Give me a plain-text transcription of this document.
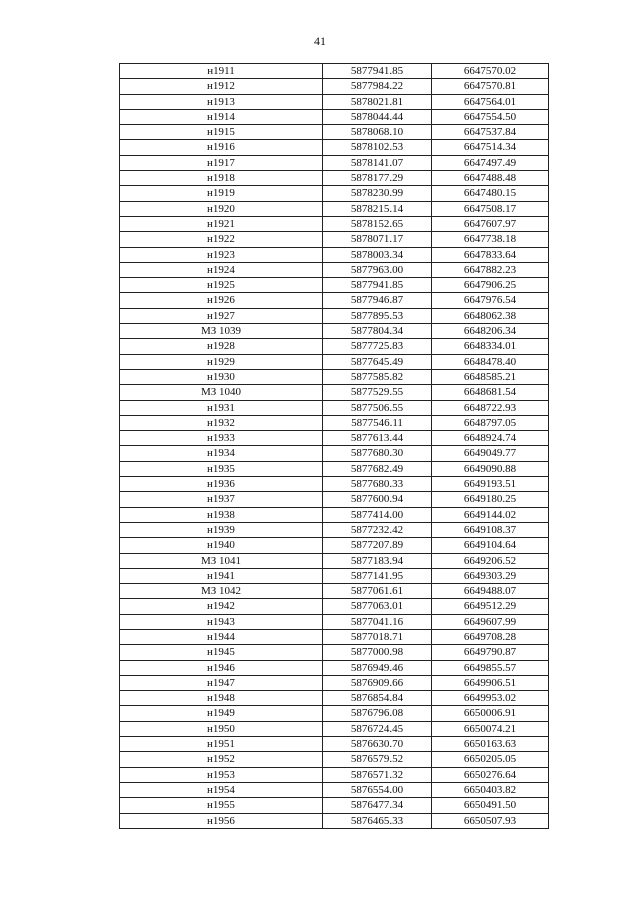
41
н1911	5877941.85	6647570.02
н1912	5877984.22	6647570.81
н1913	5878021.81	6647564.01
н1914	5878044.44	6647554.50
н1915	5878068.10	6647537.84
н1916	5878102.53	6647514.34
н1917	5878141.07	6647497.49
н1918	5878177.29	6647488.48
н1919	5878230.99	6647480.15
н1920	5878215.14	6647508.17
н1921	5878152.65	6647607.97
н1922	5878071.17	6647738.18
н1923	5878003.34	6647833.64
н1924	5877963.00	6647882.23
н1925	5877941.85	6647906.25
н1926	5877946.87	6647976.54
н1927	5877895.53	6648062.38
МЗ 1039	5877804.34	6648206.34
н1928	5877725.83	6648334.01
н1929	5877645.49	6648478.40
н1930	5877585.82	6648585.21
МЗ 1040	5877529.55	6648681.54
н1931	5877506.55	6648722.93
н1932	5877546.11	6648797.05
н1933	5877613.44	6648924.74
н1934	5877680.30	6649049.77
н1935	5877682.49	6649090.88
н1936	5877680.33	6649193.51
н1937	5877600.94	6649180.25
н1938	5877414.00	6649144.02
н1939	5877232.42	6649108.37
н1940	5877207.89	6649104.64
МЗ 1041	5877183.94	6649206.52
н1941	5877141.95	6649303.29
МЗ 1042	5877061.61	6649488.07
н1942	5877063.01	6649512.29
н1943	5877041.16	6649607.99
н1944	5877018.71	6649708.28
н1945	5877000.98	6649790.87
н1946	5876949.46	6649855.57
н1947	5876909.66	6649906.51
н1948	5876854.84	6649953.02
н1949	5876796.08	6650006.91
н1950	5876724.45	6650074.21
н1951	5876630.70	6650163.63
н1952	5876579.52	6650205.05
н1953	5876571.32	6650276.64
н1954	5876554.00	6650403.82
н1955	5876477.34	6650491.50
н1956	5876465.33	6650507.93
